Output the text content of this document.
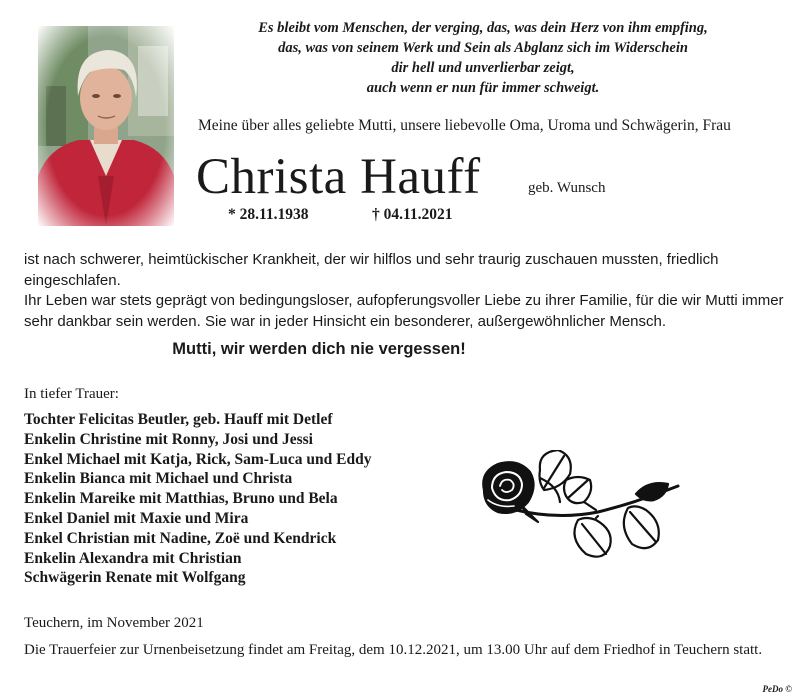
Es bleibt vom Menschen, der verging, das, was dein Herz von ihm empfing,
das, was von seinem Werk und Sein als Abglanz sich im Widerschein
dir hell und unverlierbar zeigt,
auch wenn er nun für immer schweigt.
Meine über alles geliebte Mutti, unsere liebevolle Oma, Uroma und Schwägerin, Frau
Christa Hauff	geb. Wunsch
* 28.11.1938	† 04.11.2021

ist nach schwerer, heimtückischer Krankheit, der wir hilflos und sehr traurig zuschauen mussten, friedlich eingeschlafen.

Ihr Leben war stets geprägt von bedingungsloser, aufopferungsvoller Liebe zu ihrer Familie, für die wir Mutti immer sehr dankbar sein werden. Sie war in jeder Hinsicht ein besonderer, außergewöhnlicher Mensch.

Mutti, wir werden dich nie vergessen!
In tiefer Trauer:
Tochter Felicitas Beutler, geb. Hauff mit Detlef
Enkelin Christine mit Ronny, Josi und Jessi
Enkel Michael mit Katja, Rick, Sam-Luca und Eddy
Enkelin Bianca mit Michael und Christa
Enkelin Mareike mit Matthias, Bruno und Bela
Enkel Daniel mit Maxie und Mira
Enkel Christian mit Nadine, Zoë und Kendrick
Enkelin Alexandra mit Christian
Schwägerin Renate mit Wolfgang
Teuchern, im November 2021
Die Trauerfeier zur Urnenbeisetzung findet am Freitag, dem 10.12.2021, um 13.00 Uhr auf dem Friedhof in Teuchern statt.
PeDo ©
